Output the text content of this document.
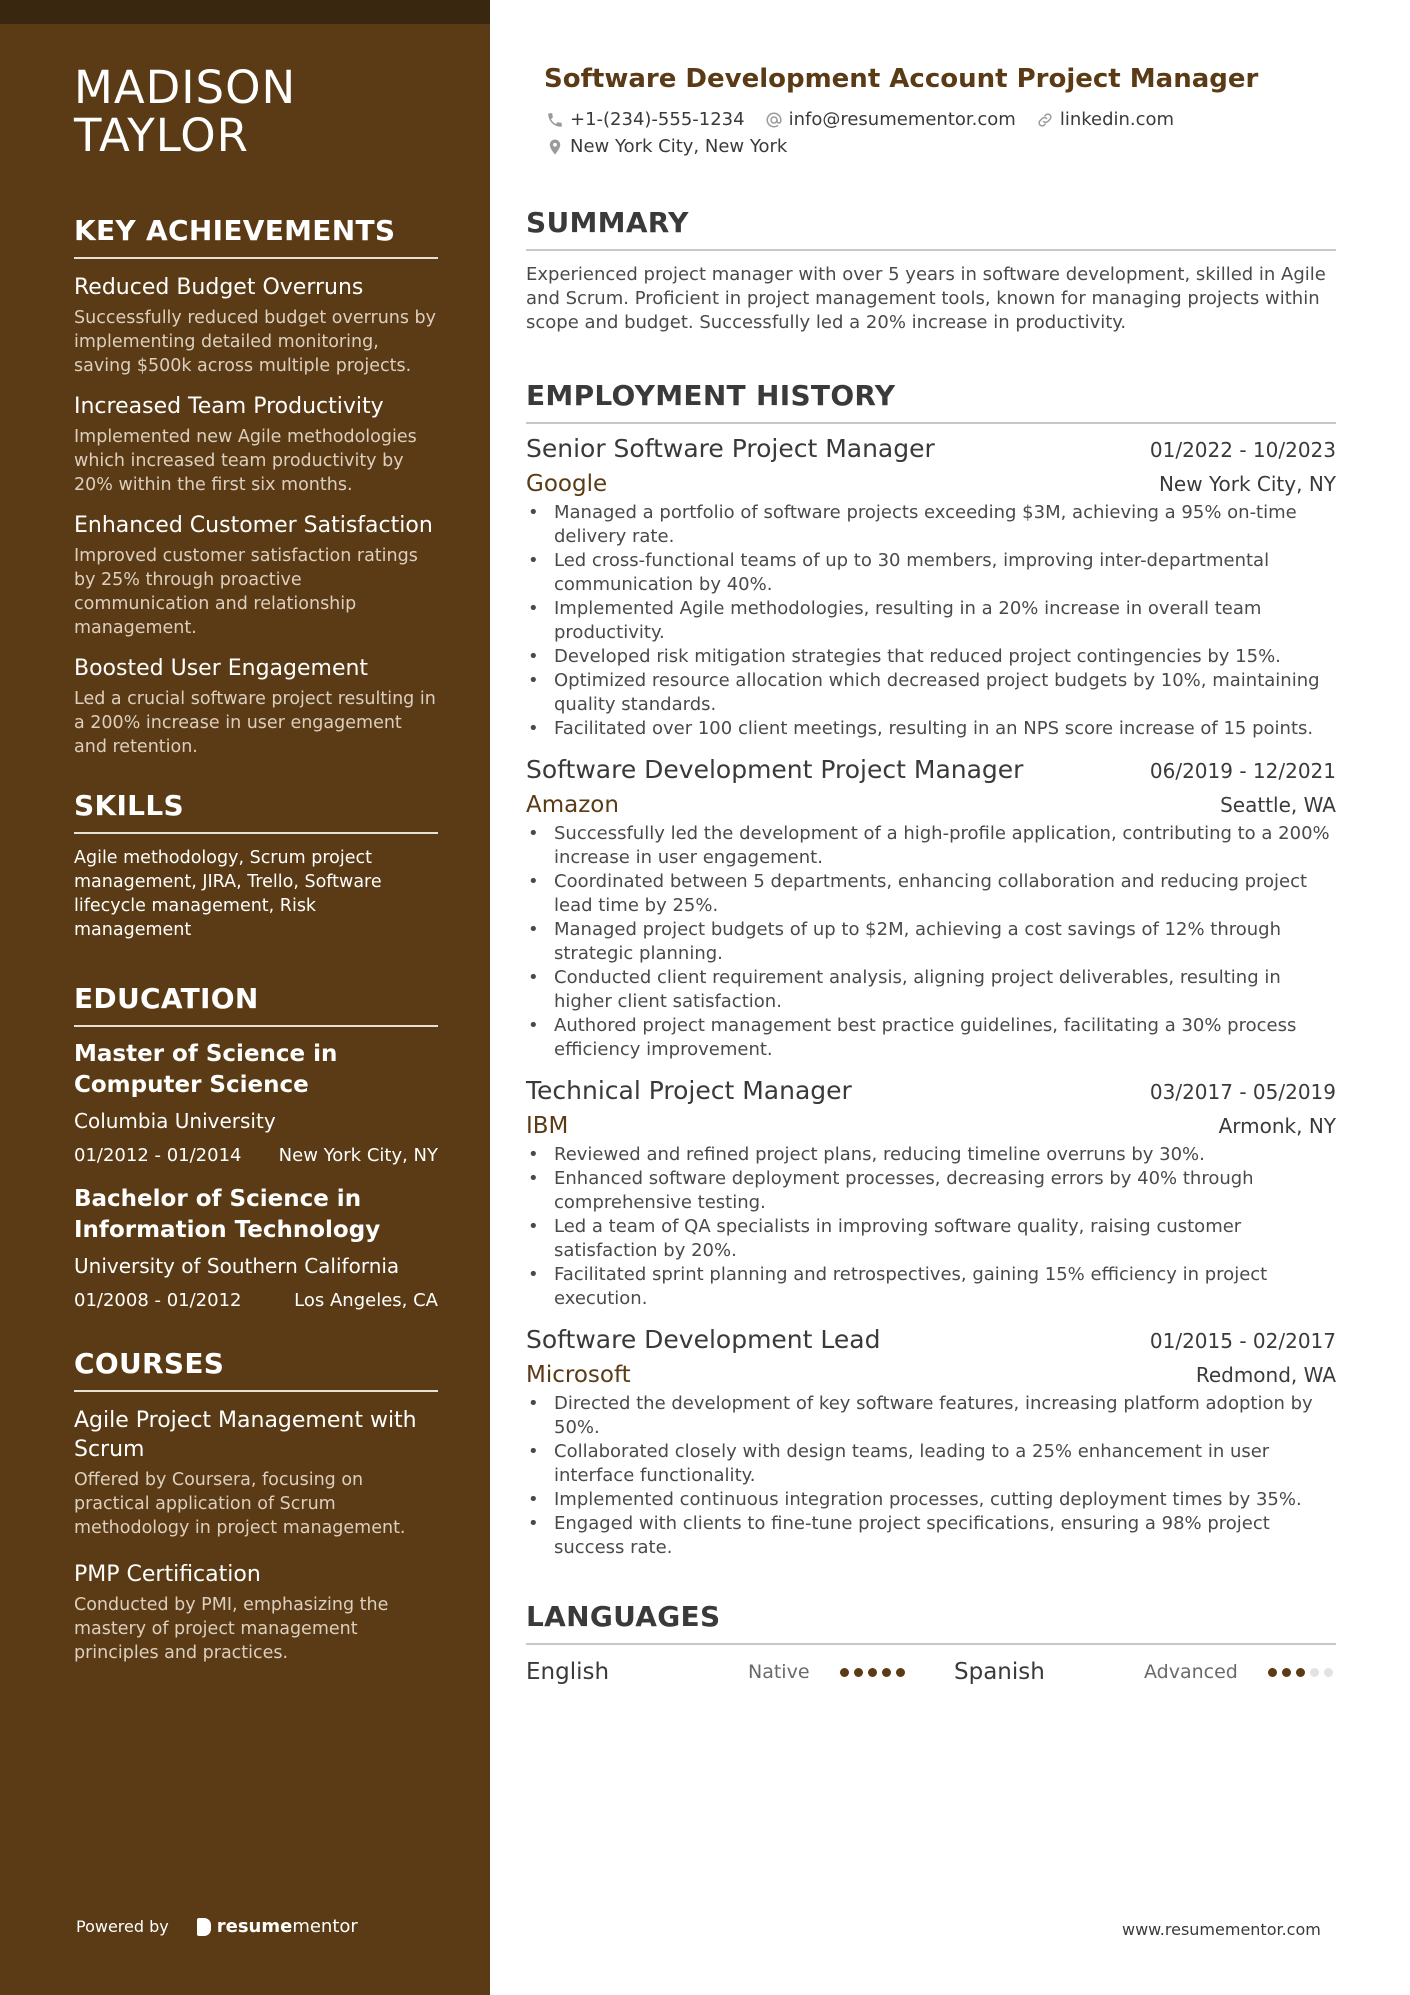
MADISON
TAYLOR
KEY ACHIEVEMENTS
Reduced Budget Overruns
Successfully reduced budget overruns by implementing detailed monitoring, saving $500k across multiple projects.
Increased Team Productivity
Implemented new Agile methodologies which increased team productivity by 20% within the first six months.
Enhanced Customer Satisfaction
Improved customer satisfaction ratings by 25% through proactive communication and relationship management.
Boosted User Engagement
Led a crucial software project resulting in a 200% increase in user engagement and retention.
SKILLS

Agile methodology, Scrum project management, JIRA, Trello, Software lifecycle management, Risk management

EDUCATION
Master of Science in Computer Science
Columbia University
01/2012 - 01/2014 New York City, NY
Bachelor of Science in Information Technology
University of Southern California
01/2008 - 01/2012	Los Angeles, CA
COURSES
Agile Project Management with Scrum
Offered by Coursera, focusing on practical application of Scrum methodology in project management.
PMP Certification
Conducted by PMI, emphasizing the mastery of project management principles and practices.
Powered by	resumementor
Software Development Account Project Manager
+1-(234)-555-1234 info@resumementor.com linkedin.com
New York City, New York
SUMMARY

Experienced project manager with over 5 years in software development, skilled in Agile and Scrum. Proficient in project management tools, known for managing projects within scope and budget. Successfully led a 20% increase in productivity.

EMPLOYMENT HISTORY
Senior Software Project Manager	01/2022 - 10/2023
Google	New York City, NY
• Managed a portfolio of software projects exceeding $3M, achieving a 95% on-time delivery rate.
• Led cross-functional teams of up to 30 members, improving inter-departmental communication by 40%.
• Implemented Agile methodologies, resulting in a 20% increase in overall team productivity.
• Developed risk mitigation strategies that reduced project contingencies by 15%.
• Optimized resource allocation which decreased project budgets by 10%, maintaining quality standards.
• Facilitated over 100 client meetings, resulting in an NPS score increase of 15 points.
Software Development Project Manager	06/2019 - 12/2021
Amazon	Seattle, WA
• Successfully led the development of a high-profile application, contributing to a 200% increase in user engagement.
• Coordinated between 5 departments, enhancing collaboration and reducing project lead time by 25%.
• Managed project budgets of up to $2M, achieving a cost savings of 12% through strategic planning.
• Conducted client requirement analysis, aligning project deliverables, resulting in higher client satisfaction.
• Authored project management best practice guidelines, facilitating a 30% process efficiency improvement.
Technical Project Manager	03/2017 - 05/2019
IBM	Armonk, NY
• Reviewed and refined project plans, reducing timeline overruns by 30%.
• Enhanced software deployment processes, decreasing errors by 40% through comprehensive testing.
• Led a team of QA specialists in improving software quality, raising customer satisfaction by 20%.
• Facilitated sprint planning and retrospectives, gaining 15% efficiency in project execution.
Software Development Lead	01/2015 - 02/2017
Microsoft	Redmond, WA
• Directed the development of key software features, increasing platform adoption by 50%.
• Collaborated closely with design teams, leading to a 25% enhancement in user interface functionality.
• Implemented continuous integration processes, cutting deployment times by 35%.
• Engaged with clients to fine-tune project specifications, ensuring a 98% project success rate.
LANGUAGES
English	Native	Spanish	Advanced
www.resumementor.com
